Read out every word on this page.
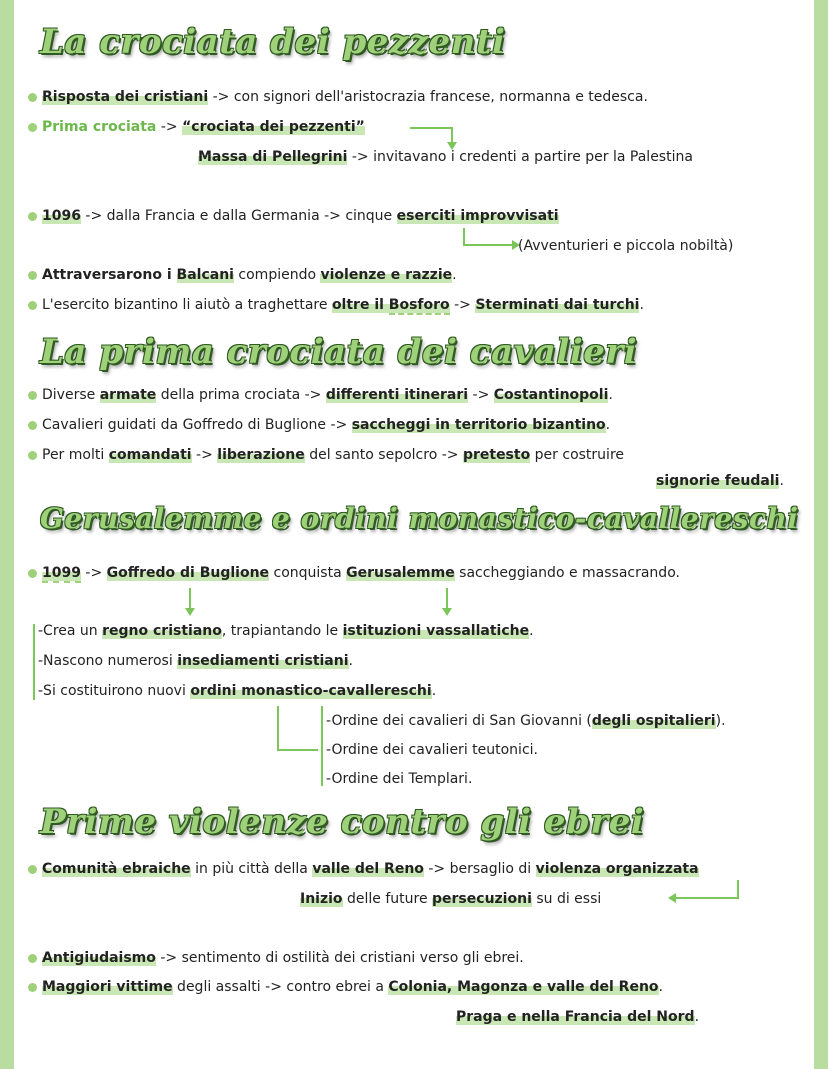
La crociata dei pezzenti
Risposta dei cristiani -> con signori dell'aristocrazia francese, normanna e tedesca.
Prima crociata -> “crociata dei pezzenti”
Massa di Pellegrini -> invitavano i credenti a partire per la Palestina
1096 -> dalla Francia e dalla Germania -> cinque eserciti improvvisati
(Avventurieri e piccola nobiltà)
Attraversarono i Balcani compiendo violenze e razzie.
L'esercito bizantino li aiutò a traghettare oltre il Bosforo -> Sterminati dai turchi.
La prima crociata dei cavalieri
Diverse armate della prima crociata -> differenti itinerari -> Costantinopoli.
Cavalieri guidati da Goffredo di Buglione -> saccheggi in territorio bizantino.
Per molti comandati -> liberazione del santo sepolcro -> pretesto per costruire
signorie feudali.
Gerusalemme e ordini monastico-cavallereschi
1099 -> Goffredo di Buglione conquista Gerusalemme saccheggiando e massacrando.
-Crea un regno cristiano, trapiantando le istituzioni vassallatiche.
-Nascono numerosi insediamenti cristiani.
-Si costituirono nuovi ordini monastico-cavallereschi.
-Ordine dei cavalieri di San Giovanni (degli ospitalieri).
-Ordine dei cavalieri teutonici.
-Ordine dei Templari.
Prime violenze contro gli ebrei
Comunità ebraiche in più città della valle del Reno -> bersaglio di violenza organizzata
Inizio delle future persecuzioni su di essi
Antigiudaismo -> sentimento di ostilità dei cristiani verso gli ebrei.
Maggiori vittime degli assalti -> contro ebrei a Colonia, Magonza e valle del Reno.
Praga e nella Francia del Nord.
